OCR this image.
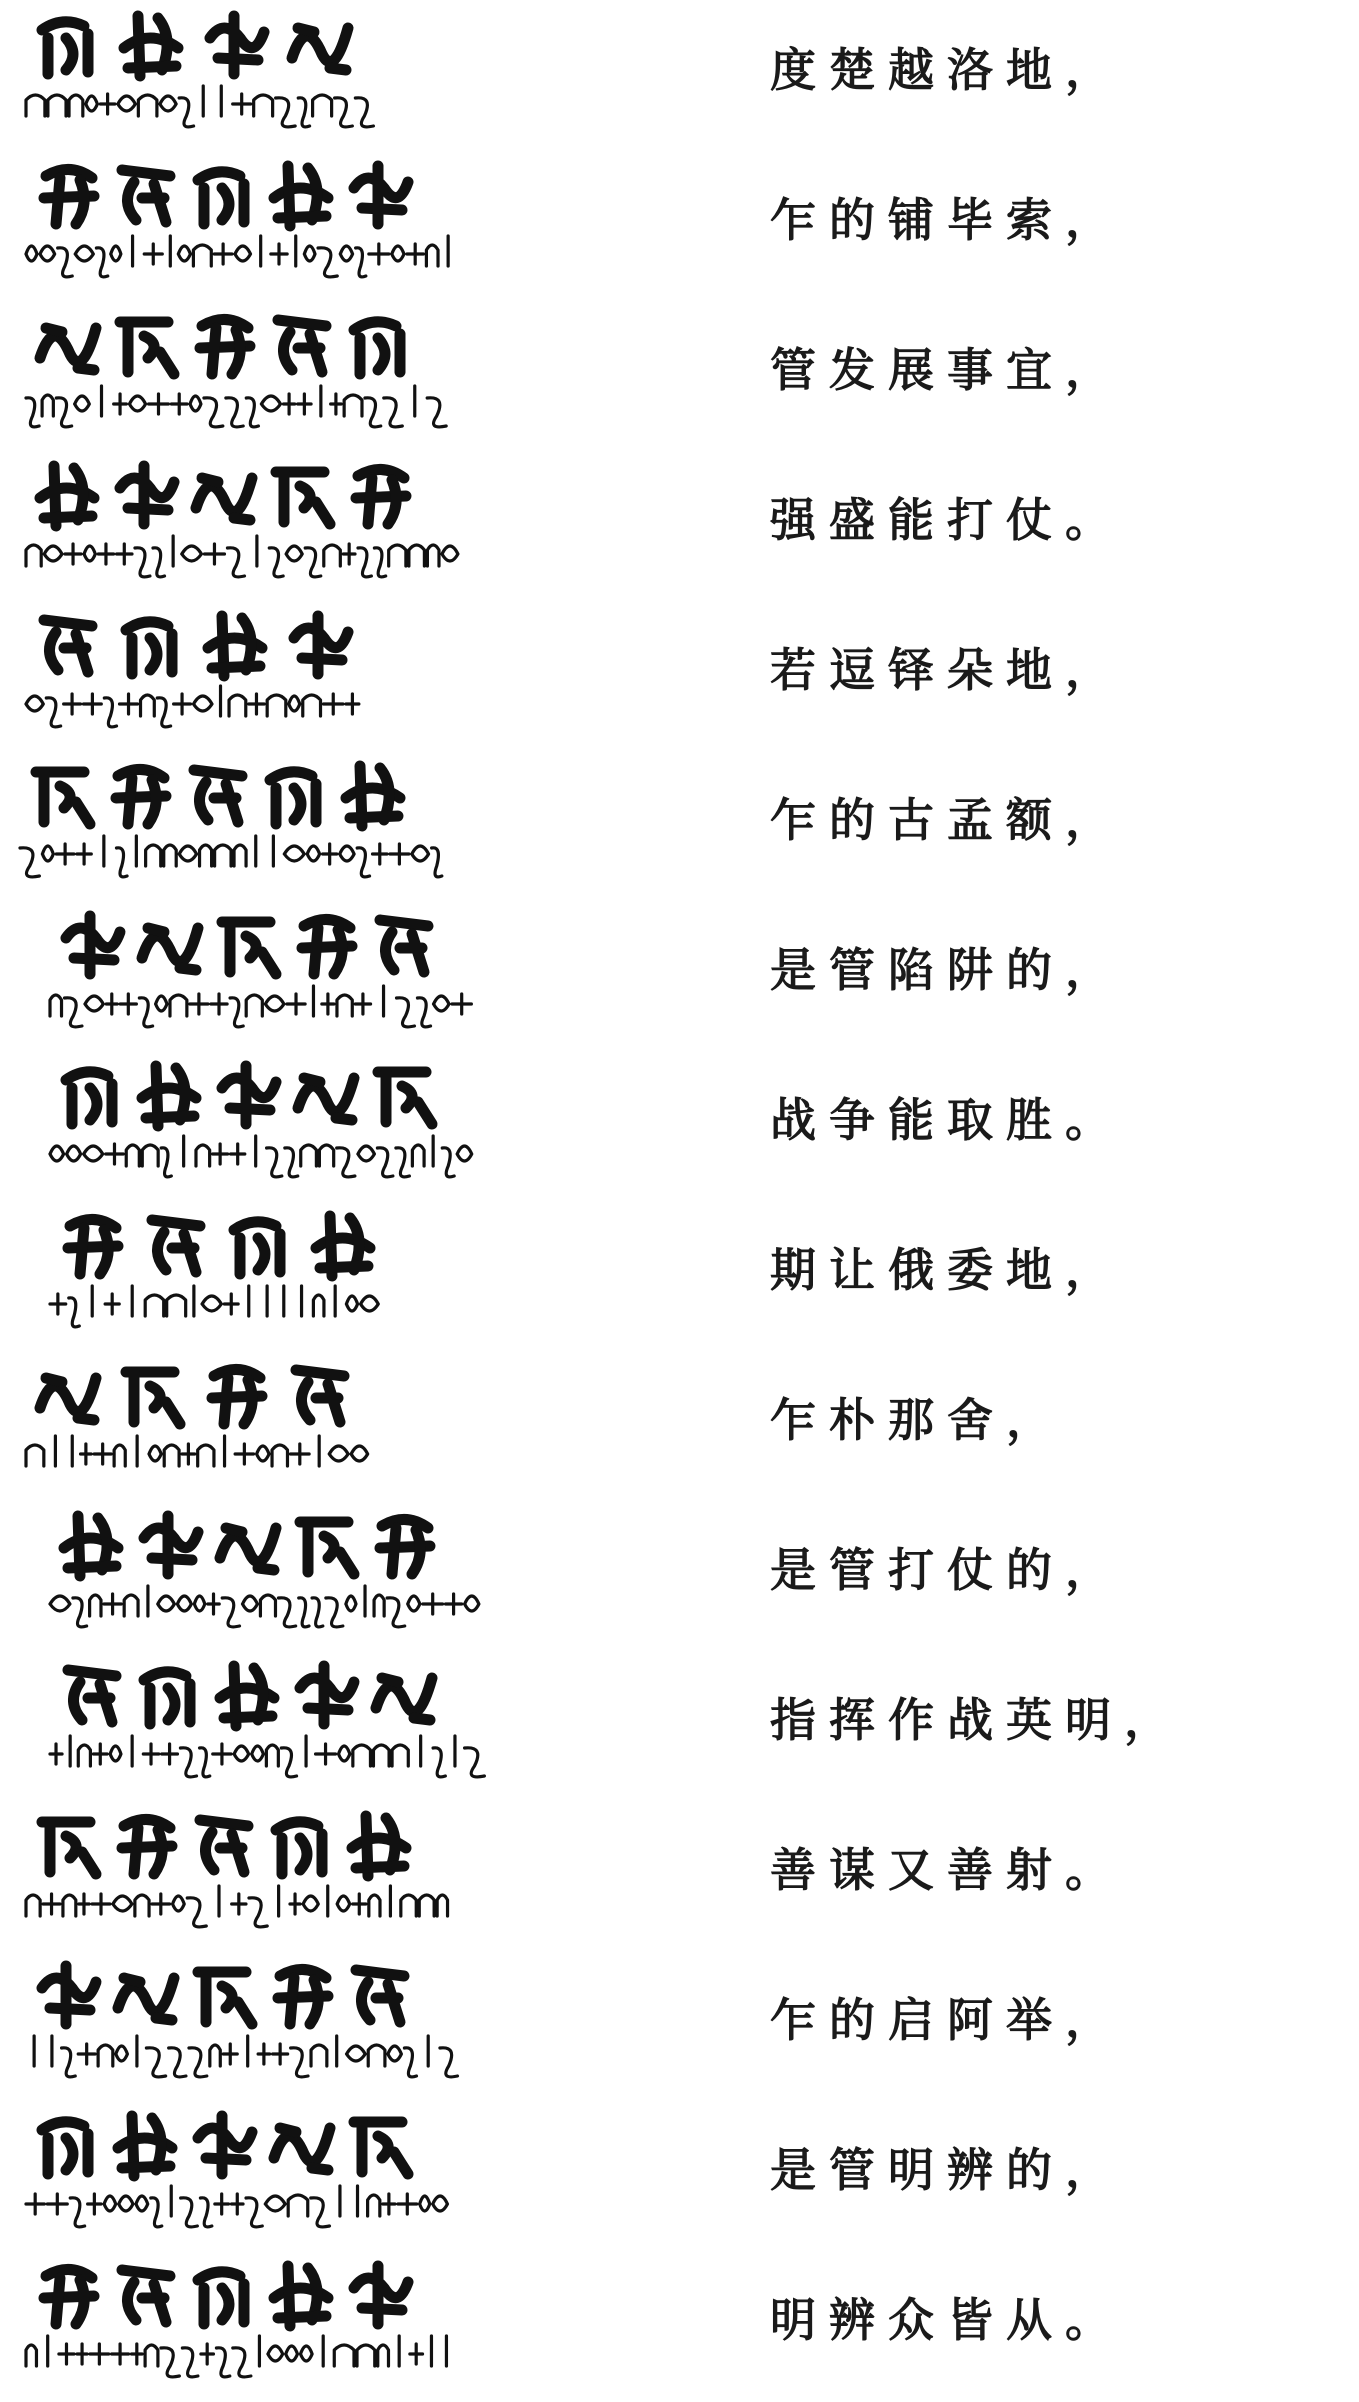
度楚越洛地，
乍的铺毕索，
管发展事宜，
强盛能打仗。
若逗铎朵地，
乍的古孟额，
是管陷阱的，
战争能取胜。
期让俄委地，
乍朴那舍，
是管打仗的，
指挥作战英明，
善谋又善射。
乍的启阿举，
是管明辨的，
明辨众皆从。
